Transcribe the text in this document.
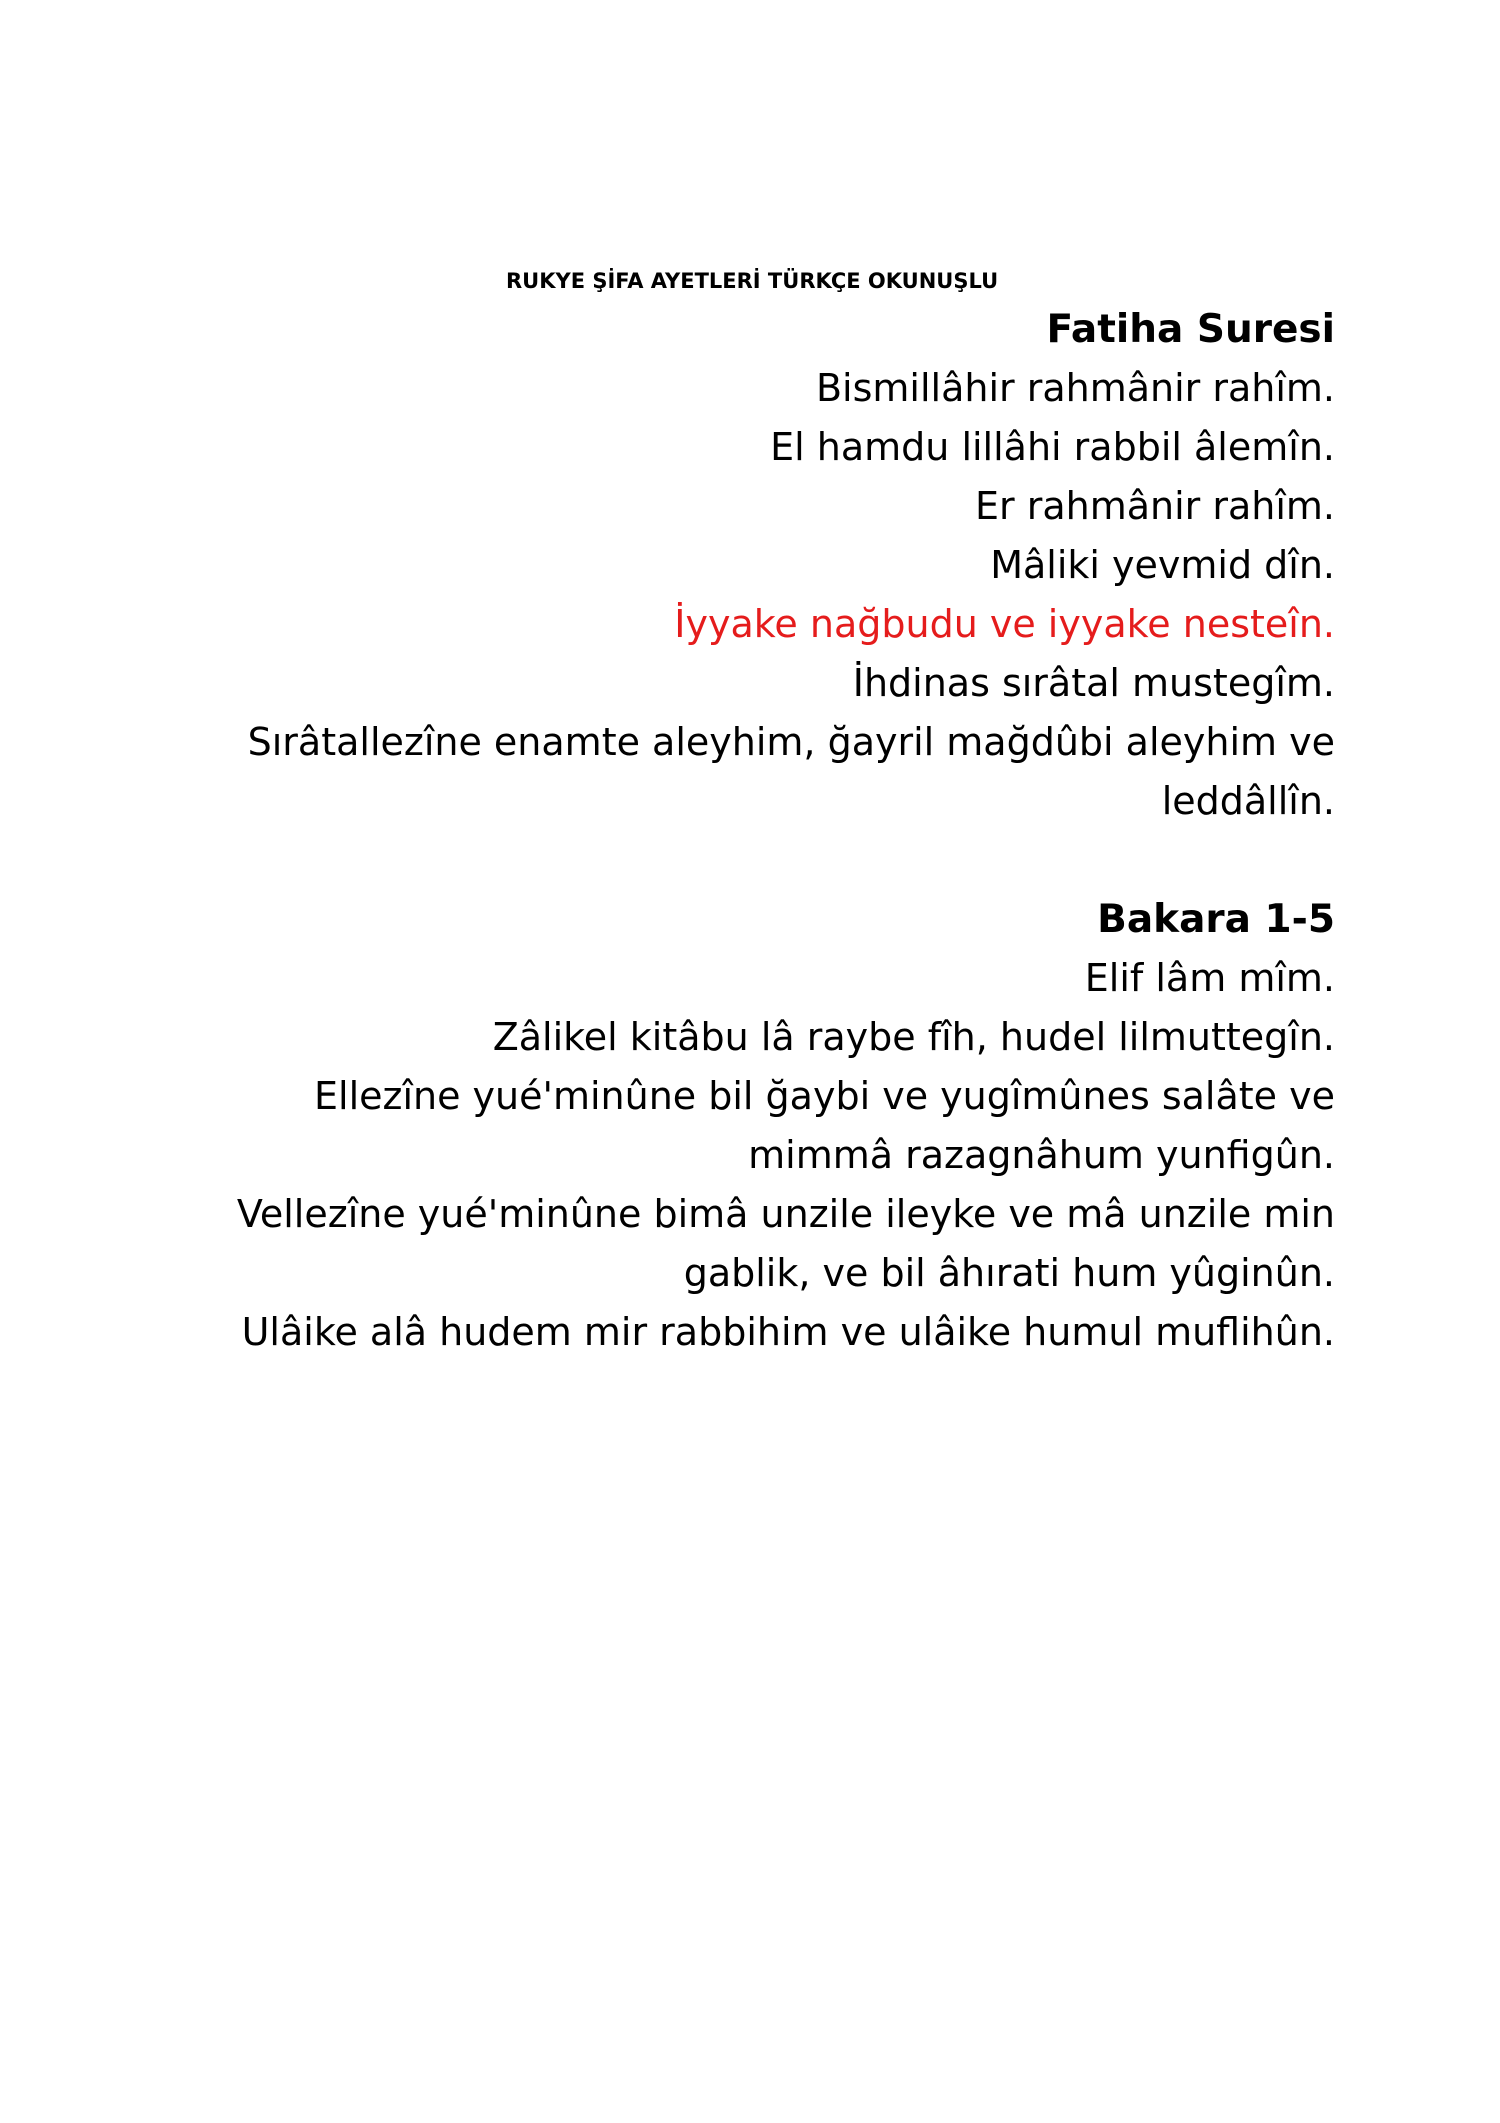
RUKYE ŞİFA AYETLERİ TÜRKÇE OKUNUŞLU
Fatiha Suresi

Bismillâhir rahmânir rahîm.

El hamdu lillâhi rabbil âlemîn.

Er rahmânir rahîm.

Mâliki yevmid dîn.

İyyake nağbudu ve iyyake nesteîn.

İhdinas sırâtal mustegîm.

Sırâtallezîne enamte aleyhim, ğayril mağdûbi aleyhim ve

leddâllîn.

Bakara 1-5

Elif lâm mîm.

Zâlikel kitâbu lâ raybe fîh, hudel lilmuttegîn.

Ellezîne yué'minûne bil ğaybi ve yugîmûnes salâte ve

mimmâ razagnâhum yunfigûn.

Vellezîne yué'minûne bimâ unzile ileyke ve mâ unzile min

gablik, ve bil âhırati hum yûginûn.

Ulâike alâ hudem mir rabbihim ve ulâike humul muflihûn.
